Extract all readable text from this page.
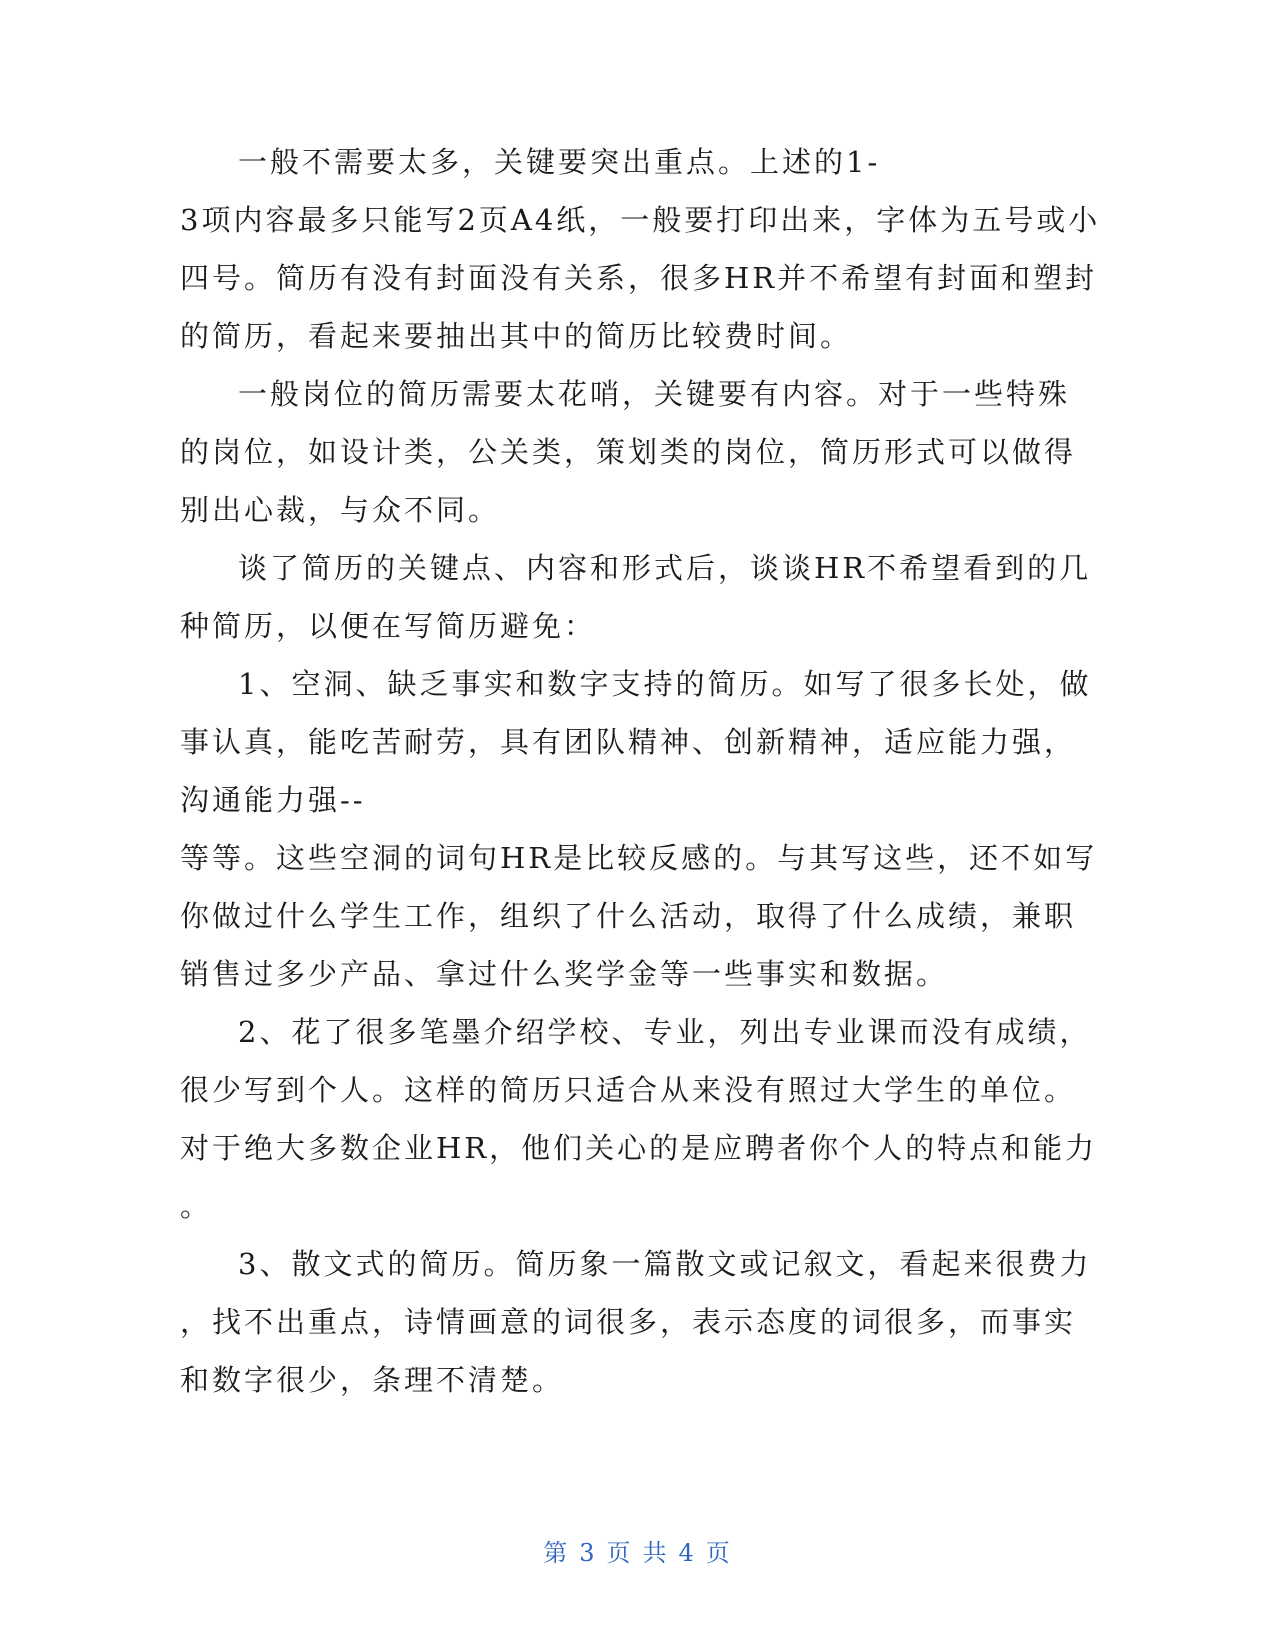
一般不需要太多，关键要突出重点。上述的1-
3项内容最多只能写2页A4纸，一般要打印出来，字体为五号或小
四号。简历有没有封面没有关系，很多HR并不希望有封面和塑封
的简历，看起来要抽出其中的简历比较费时间。
一般岗位的简历需要太花哨，关键要有内容。对于一些特殊
的岗位，如设计类，公关类，策划类的岗位，简历形式可以做得
别出心裁，与众不同。
谈了简历的关键点、内容和形式后，谈谈HR不希望看到的几
种简历，以便在写简历避免：
1、空洞、缺乏事实和数字支持的简历。如写了很多长处，做
事认真，能吃苦耐劳，具有团队精神、创新精神，适应能力强，
沟通能力强--
等等。这些空洞的词句HR是比较反感的。与其写这些，还不如写
你做过什么学生工作，组织了什么活动，取得了什么成绩，兼职
销售过多少产品、拿过什么奖学金等一些事实和数据。
2、花了很多笔墨介绍学校、专业，列出专业课而没有成绩，
很少写到个人。这样的简历只适合从来没有照过大学生的单位。
对于绝大多数企业HR，他们关心的是应聘者你个人的特点和能力
。
3、散文式的简历。简历象一篇散文或记叙文，看起来很费力
，找不出重点，诗情画意的词很多，表示态度的词很多，而事实
和数字很少，条理不清楚。
第 3 页 共 4 页
